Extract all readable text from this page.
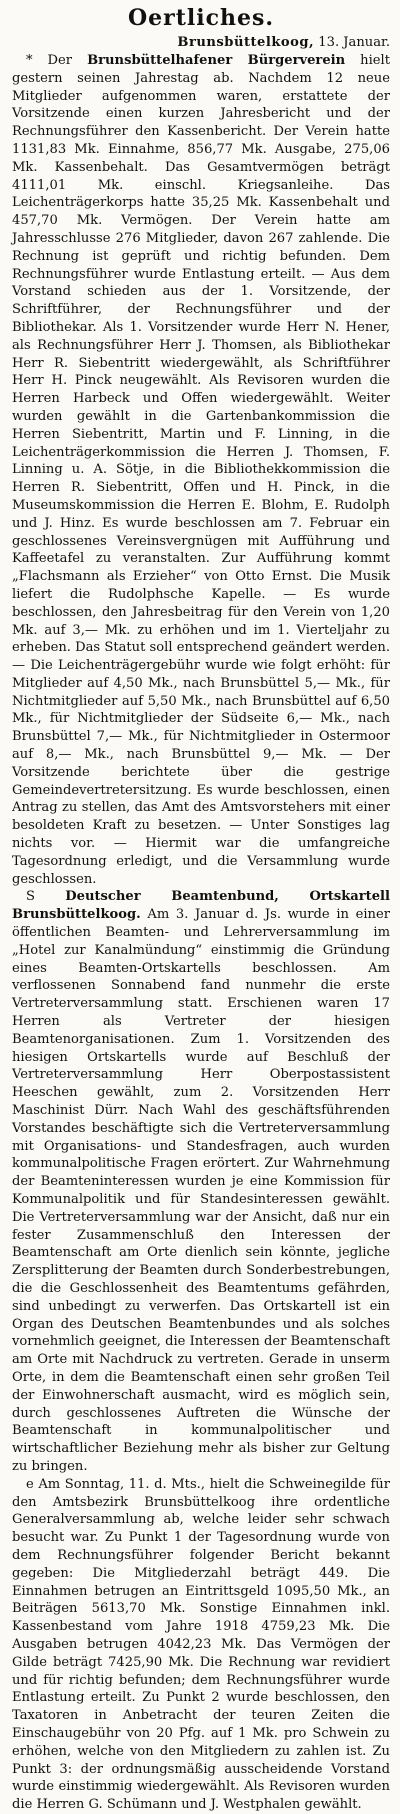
Oertliches.
Brunsbüttelkoog, 13. Januar.

* Der Brunsbüttelhafener Bürgerverein hielt gestern seinen Jahrestag ab. Nachdem 12 neue Mitglieder aufgenommen waren, erstattete der Vorsitzende einen kurzen Jahresbericht und der Rechnungsführer den Kassenbericht. Der Verein hatte 1131,83 Mk. Einnahme, 856,77 Mk. Ausgabe, 275,06 Mk. Kassenbehalt. Das Gesamtvermögen beträgt 4111,01 Mk. einschl. Kriegsanleihe. Das Leichenträgerkorps hatte 35,25 Mk. Kassenbehalt und 457,70 Mk. Vermögen. Der Verein hatte am Jahresschlusse 276 Mitglieder, davon 267 zahlende. Die Rechnung ist geprüft und richtig befunden. Dem Rechnungsführer wurde Entlastung erteilt. — Aus dem Vorstand schieden aus der 1. Vorsitzende, der Schriftführer, der Rechnungsführer und der Bibliothekar. Als 1. Vorsitzender wurde Herr N. Hener, als Rechnungsführer Herr J. Thomsen, als Bibliothekar Herr R. Siebentritt wiedergewählt, als Schriftführer Herr H. Pinck neugewählt. Als Revisoren wurden die Herren Harbeck und Offen wiedergewählt. Weiter wurden gewählt in die Gartenbankommission die Herren Siebentritt, Martin und F. Linning, in die Leichenträgerkommission die Herren J. Thomsen, F. Linning u. A. Sötje, in die Bibliothekkommission die Herren R. Siebentritt, Offen und H. Pinck, in die Museumskommission die Herren E. Blohm, E. Rudolph und J. Hinz. Es wurde beschlossen am 7. Februar ein geschlossenes Vereinsvergnügen mit Aufführung und Kaffeetafel zu veranstalten. Zur Aufführung kommt „Flachsmann als Erzieher“ von Otto Ernst. Die Musik liefert die Rudolphsche Kapelle. — Es wurde beschlossen, den Jahresbeitrag für den Verein von 1,20 Mk. auf 3,— Mk. zu erhöhen und im 1. Vierteljahr zu erheben. Das Statut soll entsprechend geändert werden. — Die Leichenträgergebühr wurde wie folgt erhöht: für Mitglieder auf 4,50 Mk., nach Brunsbüttel 5,— Mk., für Nichtmitglieder auf 5,50 Mk., nach Brunsbüttel auf 6,50 Mk., für Nichtmitglieder der Südseite 6,— Mk., nach Brunsbüttel 7,— Mk., für Nichtmitglieder in Ostermoor auf 8,— Mk., nach Brunsbüttel 9,— Mk. — Der Vorsitzende berichtete über die gestrige Gemeindevertretersitzung. Es wurde beschlossen, einen Antrag zu stellen, das Amt des Amtsvorstehers mit einer besoldeten Kraft zu besetzen. — Unter Sonstiges lag nichts vor. — Hiermit war die umfangreiche Tagesordnung erledigt, und die Versammlung wurde geschlossen.

S Deutscher Beamtenbund, Ortskartell Brunsbüttelkoog. Am 3. Januar d. Js. wurde in einer öffentlichen Beamten- und Lehrerversammlung im „Hotel zur Kanalmündung“ einstimmig die Gründung eines Beamten-Ortskartells beschlossen. Am verflossenen Sonnabend fand nunmehr die erste Vertreterversammlung statt. Erschienen waren 17 Herren als Vertreter der hiesigen Beamtenorganisationen. Zum 1. Vorsitzenden des hiesigen Ortskartells wurde auf Beschluß der Vertreterversammlung Herr Oberpostassistent Heeschen gewählt, zum 2. Vorsitzenden Herr Maschinist Dürr. Nach Wahl des geschäftsführenden Vorstandes beschäftigte sich die Vertreterversammlung mit Organisations- und Standesfragen, auch wurden kommunalpolitische Fragen erörtert. Zur Wahrnehmung der Beamteninteressen wurden je eine Kommission für Kommunalpolitik und für Standesinteressen gewählt. Die Vertreterversammlung war der Ansicht, daß nur ein fester Zusammenschluß den Interessen der Beamtenschaft am Orte dienlich sein könnte, jegliche Zersplitterung der Beamten durch Sonderbestrebungen, die die Geschlossenheit des Beamtentums gefährden, sind unbedingt zu verwerfen. Das Ortskartell ist ein Organ des Deutschen Beamtenbundes und als solches vornehmlich geeignet, die Interessen der Beamtenschaft am Orte mit Nachdruck zu vertreten. Gerade in unserm Orte, in dem die Beamtenschaft einen sehr großen Teil der Einwohnerschaft ausmacht, wird es möglich sein, durch geschlossenes Auftreten die Wünsche der Beamtenschaft in kommunalpolitischer und wirtschaftlicher Beziehung mehr als bisher zur Geltung zu bringen.

e Am Sonntag, 11. d. Mts., hielt die Schweinegilde für den Amtsbezirk Brunsbüttelkoog ihre ordentliche Generalversammlung ab, welche leider sehr schwach besucht war. Zu Punkt 1 der Tagesordnung wurde von dem Rechnungsführer folgender Bericht bekannt gegeben: Die Mitgliederzahl beträgt 449. Die Einnahmen betrugen an Eintrittsgeld 1095,50 Mk., an Beiträgen 5613,70 Mk. Sonstige Einnahmen inkl. Kassenbestand vom Jahre 1918 4759,23 Mk. Die Ausgaben betrugen 4042,23 Mk. Das Vermögen der Gilde beträgt 7425,90 Mk. Die Rechnung war revidiert und für richtig befunden; dem Rechnungsführer wurde Entlastung erteilt. Zu Punkt 2 wurde beschlossen, den Taxatoren in Anbetracht der teuren Zeiten die Einschaugebühr von 20 Pfg. auf 1 Mk. pro Schwein zu erhöhen, welche von den Mitgliedern zu zahlen ist. Zu Punkt 3: der ordnungsmäßig ausscheidende Vorstand wurde einstimmig wiedergewählt. Als Revisoren wurden die Herren G. Schümann und J. Westphalen gewählt.
